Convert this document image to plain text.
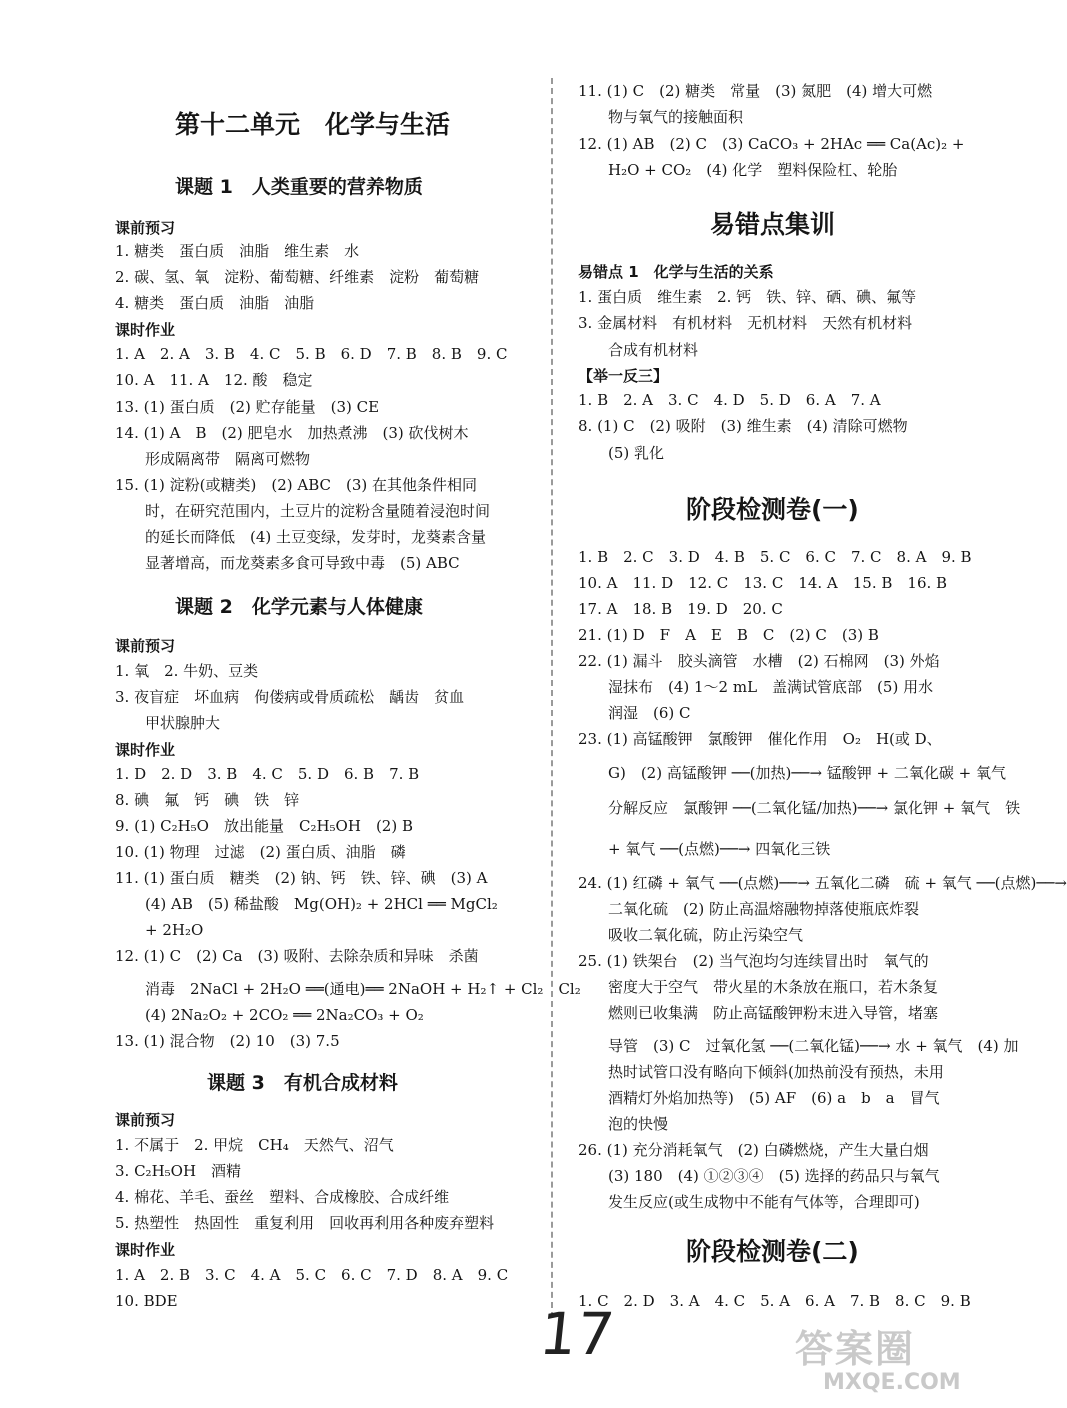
第十二单元　化学与生活
课题 1　人类重要的营养物质
课前预习
1. 糖类　蛋白质　油脂　维生素　水
2. 碳、氢、氧　淀粉、葡萄糖、纤维素　淀粉　葡萄糖
4. 糖类　蛋白质　油脂　油脂
课时作业
1. A　2. A　3. B　4. C　5. B　6. D　7. B　8. B　9. C
10. A　11. A　12. 酸　稳定
13. (1) 蛋白质　(2) 贮存能量　(3) CE
14. (1) A　B　(2) 肥皂水　加热煮沸　(3) 砍伐树木
形成隔离带　隔离可燃物
15. (1) 淀粉(或糖类)　(2) ABC　(3) 在其他条件相同
时，在研究范围内，土豆片的淀粉含量随着浸泡时间
的延长而降低　(4) 土豆变绿，发芽时，龙葵素含量
显著增高，而龙葵素多食可导致中毒　(5) ABC
课题 2　化学元素与人体健康
课前预习
1. 氧　2. 牛奶、豆类
3. 夜盲症　坏血病　佝偻病或骨质疏松　龋齿　贫血
甲状腺肿大
课时作业
1. D　2. D　3. B　4. C　5. D　6. B　7. B
8. 碘　氟　钙　碘　铁　锌
9. (1) C₂H₅O　放出能量　C₂H₅OH　(2) B
10. (1) 物理　过滤　(2) 蛋白质、油脂　磷
11. (1) 蛋白质　糖类　(2) 钠、钙　铁、锌、碘　(3) A
(4) AB　(5) 稀盐酸　Mg(OH)₂ + 2HCl ══ MgCl₂
+ 2H₂O
12. (1) C　(2) Ca　(3) 吸附、去除杂质和异味　杀菌
消毒　2NaCl + 2H₂O ══(通电)══ 2NaOH + H₂↑ + Cl₂　Cl₂
(4) 2Na₂O₂ + 2CO₂ ══ 2Na₂CO₃ + O₂
13. (1) 混合物　(2) 10　(3) 7.5
课题 3　有机合成材料
课前预习
1. 不属于　2. 甲烷　CH₄　天然气、沼气
3. C₂H₅OH　酒精
4. 棉花、羊毛、蚕丝　塑料、合成橡胶、合成纤维
5. 热塑性　热固性　重复利用　回收再利用各种废弃塑料
课时作业
1. A　2. B　3. C　4. A　5. C　6. C　7. D　8. A　9. C
10. BDE
11. (1) C　(2) 糖类　常量　(3) 氮肥　(4) 增大可燃
物与氧气的接触面积
12. (1) AB　(2) C　(3) CaCO₃ + 2HAc ══ Ca(Ac)₂ +
H₂O + CO₂　(4) 化学　塑料保险杠、轮胎
易错点集训
易错点 1　化学与生活的关系
1. 蛋白质　维生素　2. 钙　铁、锌、硒、碘、氟等
3. 金属材料　有机材料　无机材料　天然有机材料
合成有机材料
【举一反三】
1. B　2. A　3. C　4. D　5. D　6. A　7. A
8. (1) C　(2) 吸附　(3) 维生素　(4) 清除可燃物
(5) 乳化
阶段检测卷(一)
1. B　2. C　3. D　4. B　5. C　6. C　7. C　8. A　9. B
10. A　11. D　12. C　13. C　14. A　15. B　16. B
17. A　18. B　19. D　20. C
21. (1) D　F　A　E　B　C　(2) C　(3) B
22. (1) 漏斗　胶头滴管　水槽　(2) 石棉网　(3) 外焰
湿抹布　(4) 1～2 mL　盖满试管底部　(5) 用水
润湿　(6) C
23. (1) 高锰酸钾　氯酸钾　催化作用　O₂　H(或 D、
G)　(2) 高锰酸钾 ──(加热)──→ 锰酸钾 + 二氧化碳 + 氧气
分解反应　氯酸钾 ──(二氧化锰/加热)──→ 氯化钾 + 氧气　铁
+ 氧气 ──(点燃)──→ 四氧化三铁
24. (1) 红磷 + 氧气 ──(点燃)──→ 五氧化二磷　硫 + 氧气 ──(点燃)──→
二氧化硫　(2) 防止高温熔融物掉落使瓶底炸裂
吸收二氧化硫，防止污染空气
25. (1) 铁架台　(2) 当气泡均匀连续冒出时　氧气的
密度大于空气　带火星的木条放在瓶口，若木条复
燃则已收集满　防止高锰酸钾粉末进入导管，堵塞
导管　(3) C　过氧化氢 ──(二氧化锰)──→ 水 + 氧气　(4) 加
热时试管口没有略向下倾斜(加热前没有预热，未用
酒精灯外焰加热等)　(5) AF　(6) a　b　a　冒气
泡的快慢
26. (1) 充分消耗氧气　(2) 白磷燃烧，产生大量白烟
(3) 180　(4) ①②③④　(5) 选择的药品只与氧气
发生反应(或生成物中不能有气体等，合理即可)
阶段检测卷(二)
1. C　2. D　3. A　4. C　5. A　6. A　7. B　8. C　9. B
17	答案圈
MXQE.COM
